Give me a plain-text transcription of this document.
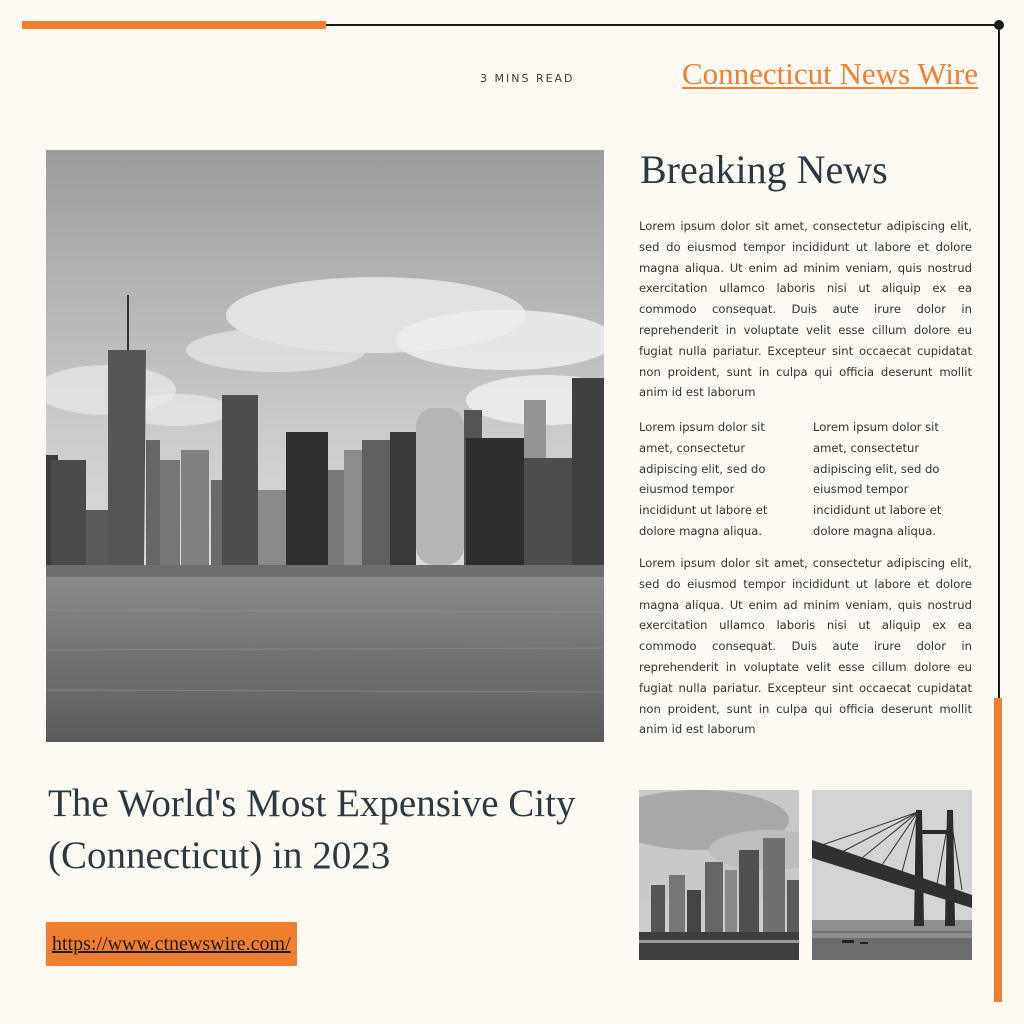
3 MINS READ	Connecticut News Wire
Breaking News

Lorem ipsum dolor sit amet, consectetur adipiscing elit, sed do eiusmod tempor incididunt ut labore et dolore magna aliqua. Ut enim ad minim veniam, quis nostrud exercitation ullamco laboris nisi ut aliquip ex ea commodo consequat. Duis aute irure dolor in reprehenderit in voluptate velit esse cillum dolore eu fugiat nulla pariatur. Excepteur sint occaecat cupidatat non proident, sunt in culpa qui officia deserunt mollit anim id est laborum

Lorem ipsum dolor sit amet, consectetur adipiscing elit, sed do eiusmod tempor incididunt ut labore et dolore magna aliqua.

Lorem ipsum dolor sit amet, consectetur adipiscing elit, sed do eiusmod tempor incididunt ut labore et dolore magna aliqua.

Lorem ipsum dolor sit amet, consectetur adipiscing elit, sed do eiusmod tempor incididunt ut labore et dolore magna aliqua. Ut enim ad minim veniam, quis nostrud exercitation ullamco laboris nisi ut aliquip ex ea commodo consequat. Duis aute irure dolor in reprehenderit in voluptate velit esse cillum dolore eu fugiat nulla pariatur. Excepteur sint occaecat cupidatat non proident, sunt in culpa qui officia deserunt mollit anim id est laborum

The World's Most Expensive City (Connecticut) in 2023
https://www.ctnewswire.com/
